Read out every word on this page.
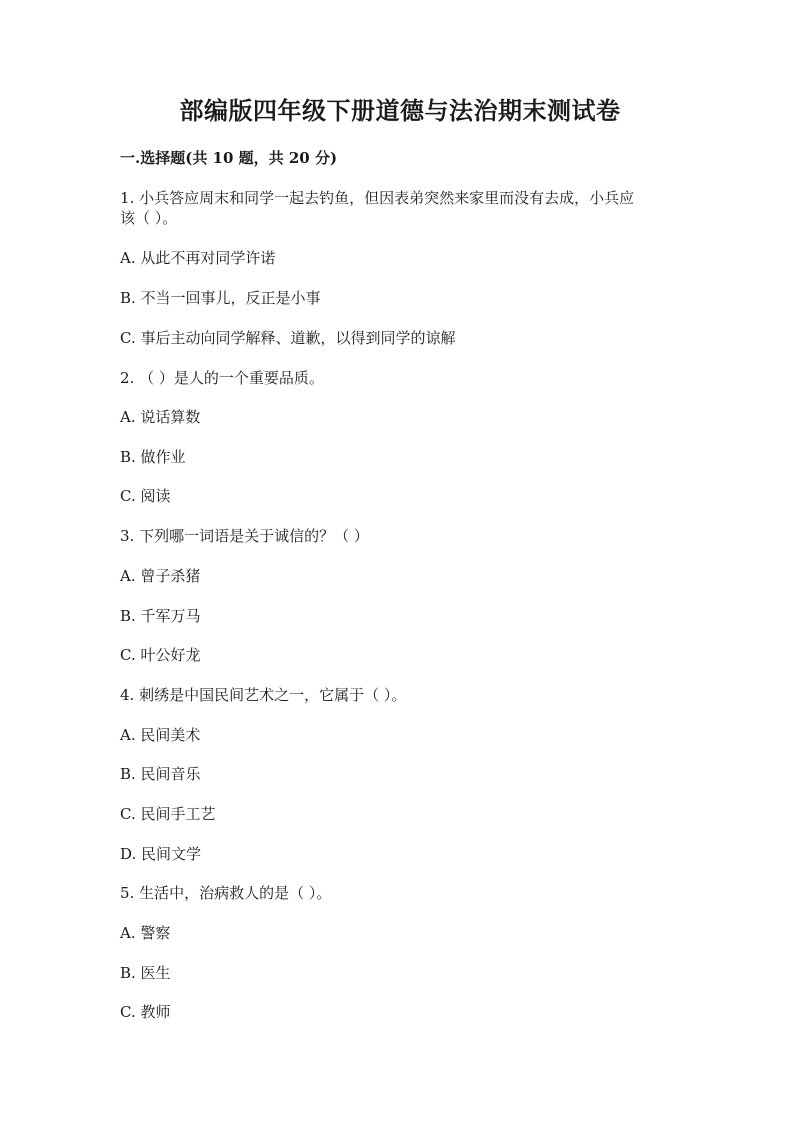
部编版四年级下册道德与法治期末测试卷
一.选择题(共 10 题，共 20 分)
1. 小兵答应周末和同学一起去钓鱼，但因表弟突然来家里而没有去成，小兵应
该（ ）。
A. 从此不再对同学许诺
B. 不当一回事儿，反正是小事
C. 事后主动向同学解释、道歉，以得到同学的谅解
2. （ ）是人的一个重要品质。
A. 说话算数
B. 做作业
C. 阅读
3. 下列哪一词语是关于诚信的？（ ）
A. 曾子杀猪
B. 千军万马
C. 叶公好龙
4. 刺绣是中国民间艺术之一，它属于（ ）。
A. 民间美术
B. 民间音乐
C. 民间手工艺
D. 民间文学
5. 生活中，治病救人的是（ ）。
A. 警察
B. 医生
C. 教师
